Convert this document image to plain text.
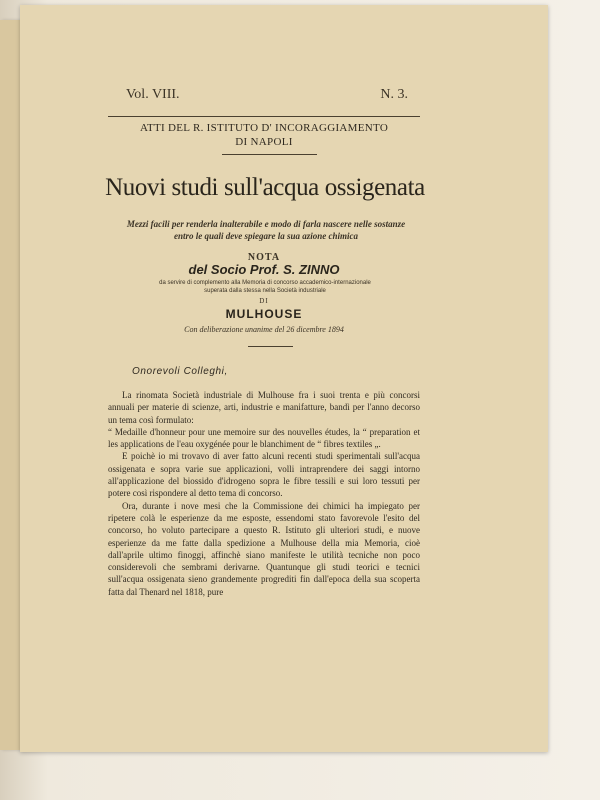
Vol. VIII.	N. 3.
ATTI DEL R. ISTITUTO D' INCORAGGIAMENTO
DI NAPOLI
Nuovi studi sull'acqua ossigenata
Mezzi facili per renderla inalterabile e modo di farla nascere nelle sostanze
entro le quali deve spiegare la sua azione chimica
NOTA
del Socio Prof. S. ZINNO
da servire di complemento alla Memoria di concorso accademico-internazionale
superata dalla stessa nella Società industriale
DI
MULHOUSE
Con deliberazione unanime del 26 dicembre 1894
Onorevoli Colleghi,

La rinomata Società industriale di Mulhouse fra i suoi trenta e più concorsi annuali per materie di scienze, arti, industrie e manifatture, bandì per l'anno decorso un tema così formulato:

“ Medaille d'honneur pour une memoire sur des nouvelles études, la “ preparation et les applications de l'eau oxygénée pour le blanchiment de “ fibres textiles „.

E poichè io mi trovavo di aver fatto alcuni recenti studi sperimentali sull'acqua ossigenata e sopra varie sue applicazioni, volli intraprendere dei saggi intorno all'applicazione del biossido d'idrogeno sopra le fibre tessili e sui loro tessuti per potere così rispondere al detto tema di concorso.

Ora, durante i nove mesi che la Commissione dei chimici ha impiegato per ripetere colà le esperienze da me esposte, essendomi stato favorevole l'esito del concorso, ho voluto partecipare a questo R. Istituto gli ulteriori studi, e nuove esperienze da me fatte dalla spedizione a Mulhouse della mia Memoria, cioè dall'aprile ultimo finoggi, affinchè siano manifeste le utilità tecniche non poco considerevoli che sembrami derivarne. Quantunque gli studi teorici e tecnici sull'acqua ossigenata sieno grandemente progrediti fin dall'epoca della sua scoperta fatta dal Thenard nel 1818, pure
